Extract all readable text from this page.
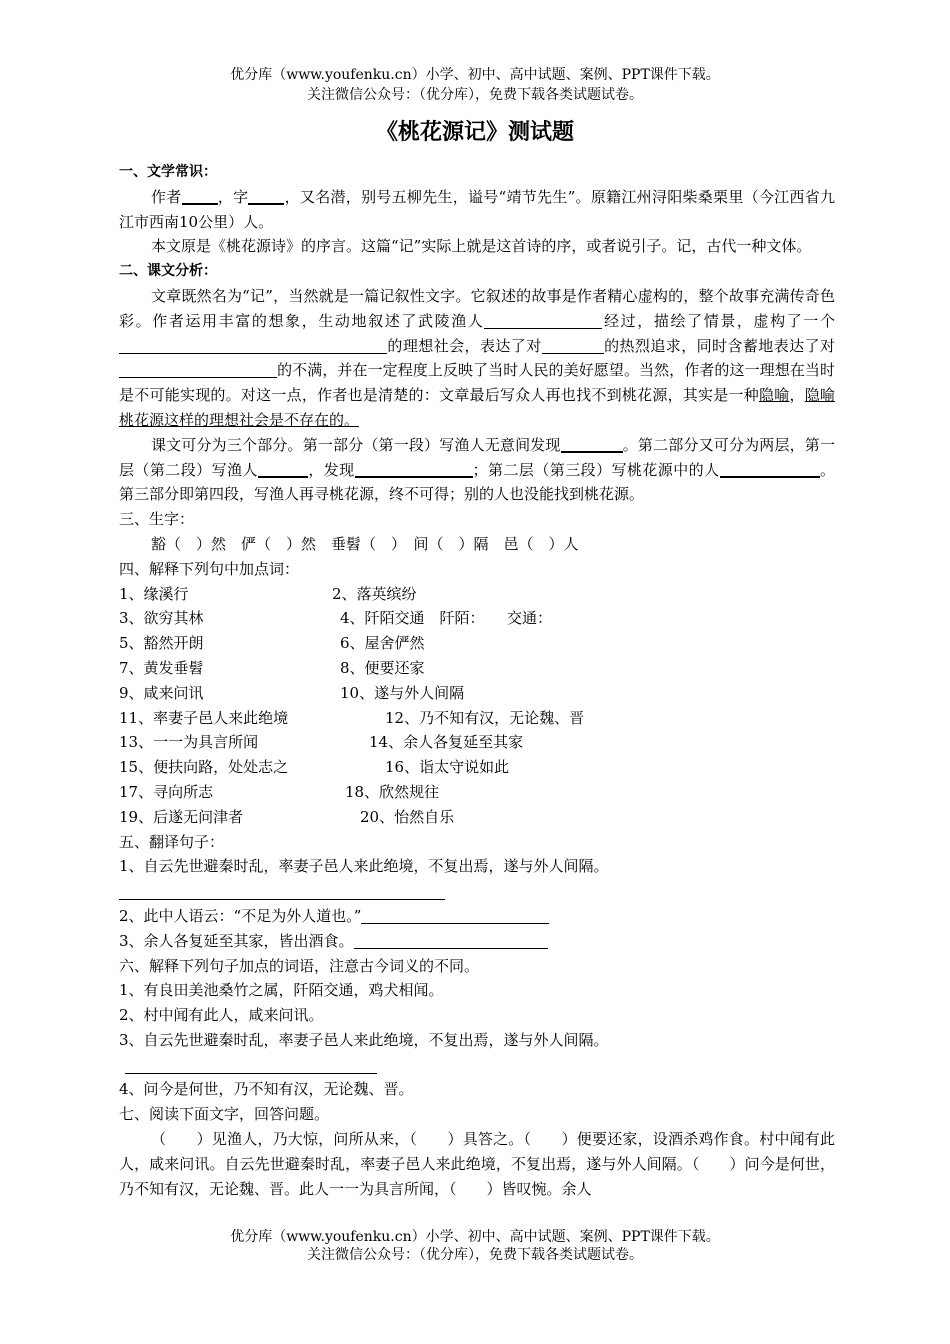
优分库（www.youfenku.cn）小学、初中、高中试题、案例、PPT课件下载。
关注微信公众号：（优分库），免费下载各类试题试卷。
《桃花源记》测试题
一、文学常识：
作者 ，字 ，又名潜，别号五柳先生，谥号“靖节先生”。原籍江州浔阳柴桑栗里（今江西省九江市西南10公里）人。
本文原是《桃花源诗》的序言。这篇“记”实际上就是这首诗的序，或者说引子。记，古代一种文体。
二、课文分析：
文章既然名为“记”，当然就是一篇记叙性文字。它叙述的故事是作者精心虚构的，整个故事充满传奇色彩。作者运用丰富的想象，生动地叙述了武陵渔人	经过，描绘了情景，虚构了一个的理想社会，表达了对	的热烈追求，同时含蓄地表达了对的不满，并在一定程度上反映了当时人民的美好愿望。当然，作者的这一理想在当时是不可能实现的。对这一点，作者也是清楚的：文章最后写众人再也找不到桃花源，其实是一种隐喻，隐喻桃花源这样的理想社会是不存在的。
课文可分为三个部分。第一部分（第一段）写渔人无意间发现	。第二部分又可分为两层，第一层（第二段）写渔人	，发现	；第二层（第三段）写桃花源中的人	。第三部分即第四段，写渔人再寻桃花源，终不可得；别的人也没能找到桃花源。
三、生字：
豁（　）然　俨（　）然　垂髫（　）　间（　）隔　邑（　）人
四、解释下列句中加点词：
1、缘溪行	2、落英缤纷
3、欲穷其林	4、阡陌交通　阡陌：　　交通：
5、豁然开朗	6、屋舍俨然
7、黄发垂髫	8、便要还家
9、咸来问讯	10、遂与外人间隔
11、率妻子邑人来此绝境	12、乃不知有汉，无论魏、晋
13、一一为具言所闻	14、余人各复延至其家
15、便扶向路，处处志之	16、诣太守说如此
17、寻向所志	18、欣然规往
19、后遂无问津者	20、怡然自乐
五、翻译句子：
1、自云先世避秦时乱，率妻子邑人来此绝境，不复出焉，遂与外人间隔。
2、此中人语云：“不足为外人道也。”
3、余人各复延至其家，皆出酒食。
六、解释下列句子加点的词语，注意古今词义的不同。
1、有良田美池桑竹之属，阡陌交通，鸡犬相闻。
2、村中闻有此人，咸来问讯。
3、自云先世避秦时乱，率妻子邑人来此绝境，不复出焉，遂与外人间隔。
4、问今是何世，乃不知有汉，无论魏、晋。
七、阅读下面文字，回答问题。
（　　）见渔人，乃大惊，问所从来，（　　）具答之。（　　）便要还家，设酒杀鸡作食。村中闻有此人，咸来问讯。自云先世避秦时乱，率妻子邑人来此绝境，不复出焉，遂与外人间隔。（　　）问今是何世，乃不知有汉，无论魏、晋。此人一一为具言所闻，（　　）皆叹惋。余人
优分库（www.youfenku.cn）小学、初中、高中试题、案例、PPT课件下载。
关注微信公众号：（优分库），免费下载各类试题试卷。
